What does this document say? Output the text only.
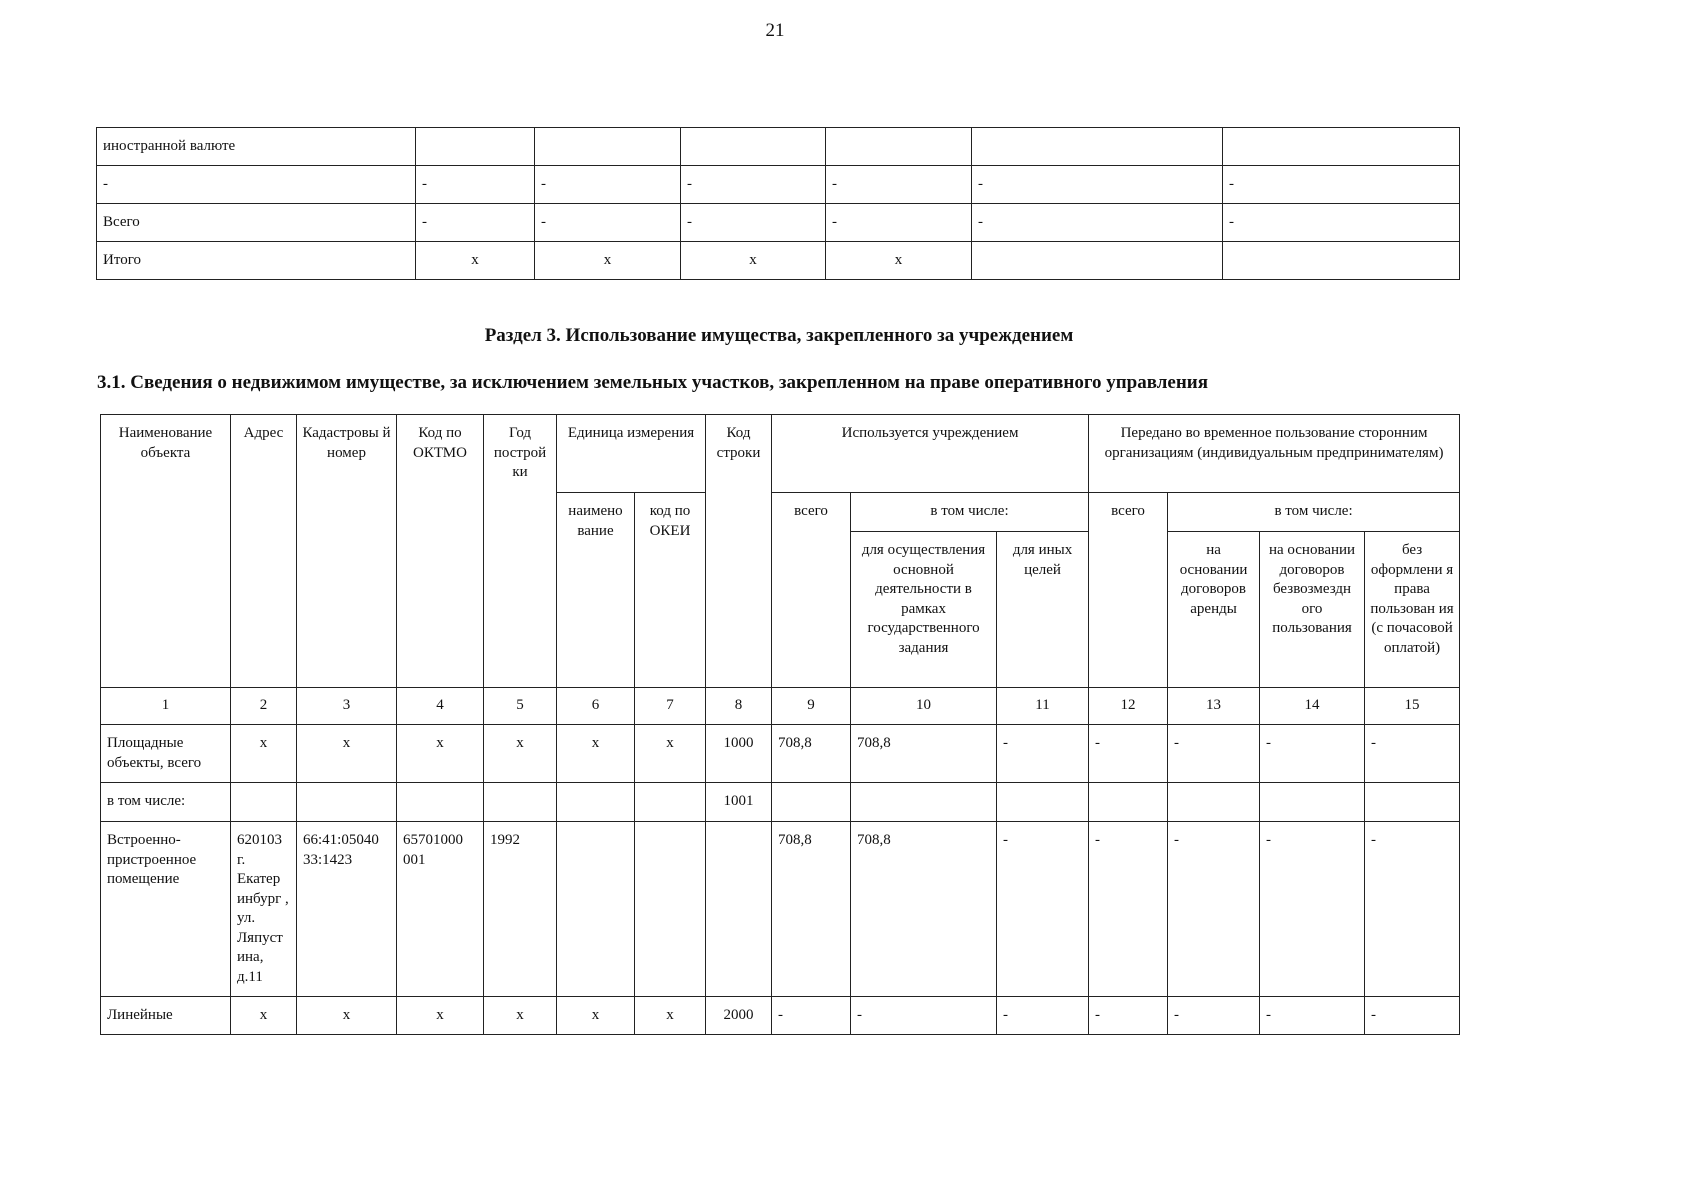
21
иностранной валюте						
-	-	-	-	-	-	-
Всего	-	-	-	-	-	-
Итого	x	x	x	x		
Раздел 3. Использование имущества, закрепленного за учреждением
3.1. Сведения о недвижимом имуществе, за исключением земельных участков, закрепленном на праве оперативного управления
Наименование объекта	Адрес	Кадастровы й номер	Код по ОКТМО	Год построй ки	Единица измерения		Код строки	Используется учреждением			Передано во временное пользование сторонним организациям (индивидуальным предпринимателям)			
					наимено вание	код по ОКЕИ		всего	в том числе:		всего	в том числе:		
									для осуществления основной деятельности в рамках государственного задания	для иных целей		на основании договоров аренды	на основании договоров безвозмездн ого пользования	без оформлени я права пользован ия (с почасовой оплатой)
1	2	3	4	5	6	7	8	9	10	11	12	13	14	15
Площадные объекты, всего	x	x	x	x	x	x	1000	708,8	708,8	-	-	-	-	-
в том числе:							1001							
Встроенно-пристроенное помещение	620103 г. Екатер инбург , ул. Ляпуст ина, д.11	66:41:05040 33:1423	65701000 001	1992				708,8	708,8	-	-	-	-	-
Линейные	x	x	x	x	x	x	2000	-	-	-	-	-	-	-
